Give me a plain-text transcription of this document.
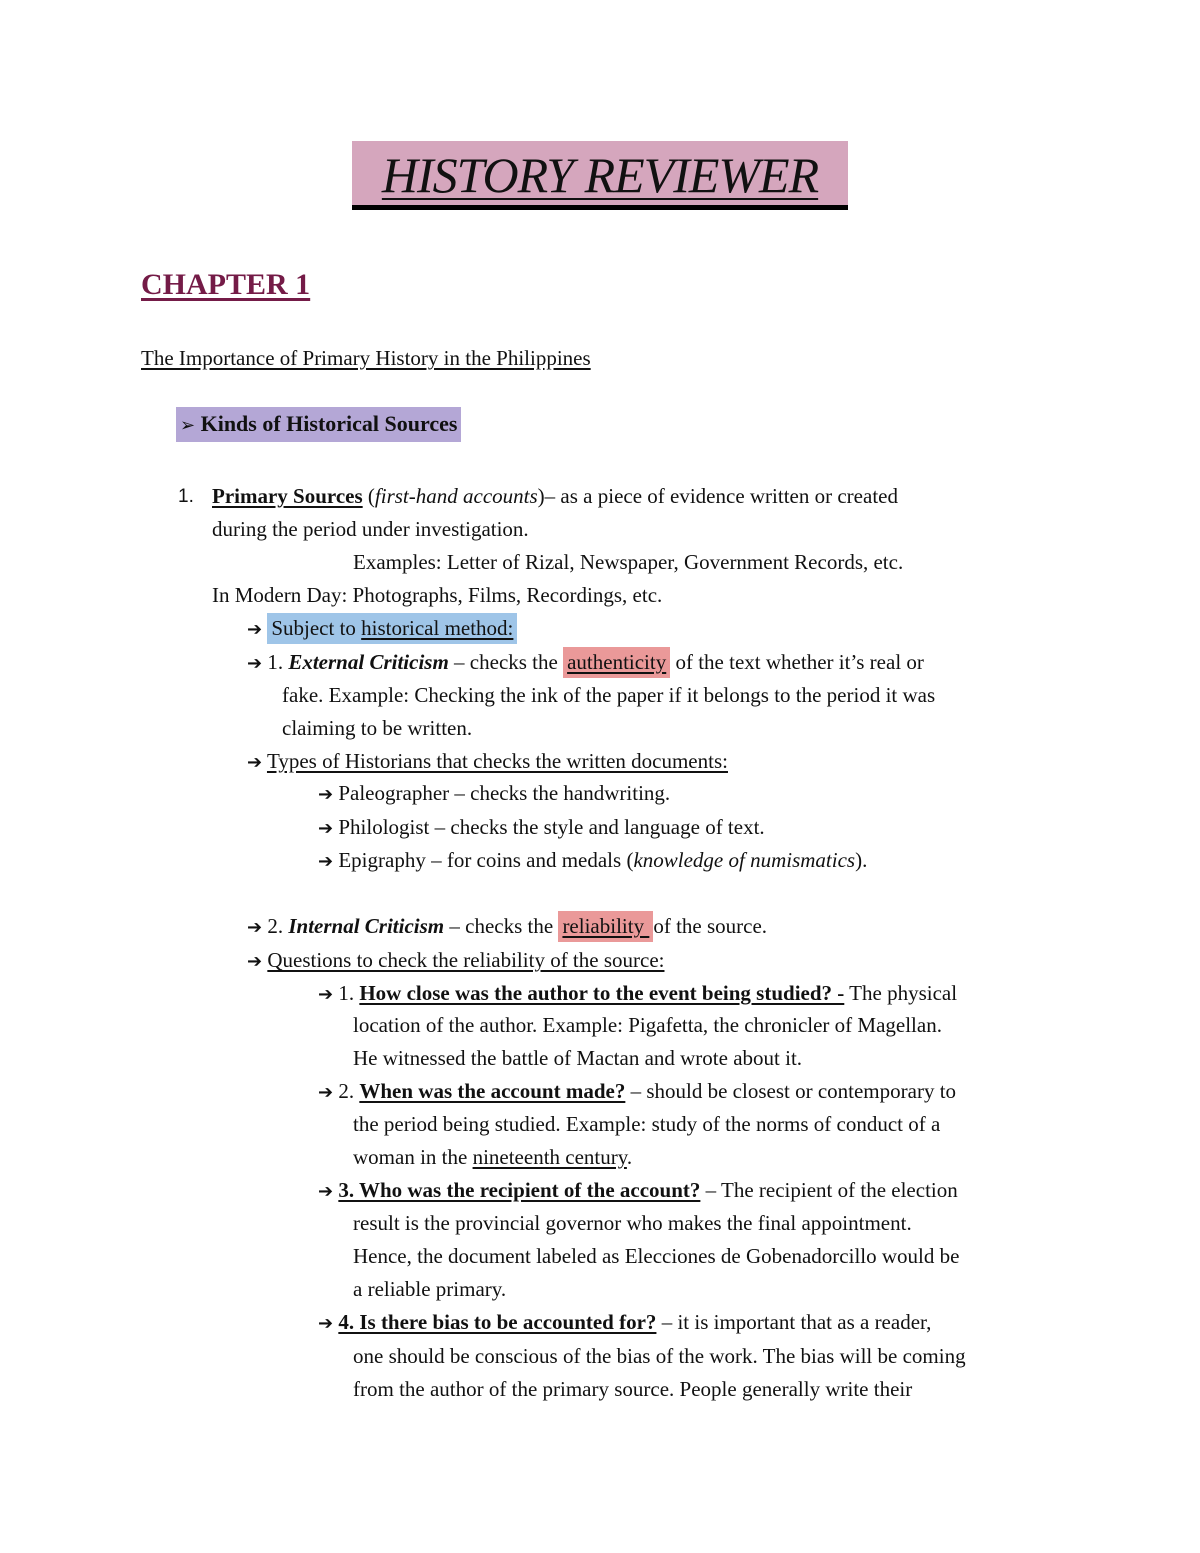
HISTORY REVIEWER
CHAPTER 1
The Importance of Primary History in the Philippines
➢ Kinds of Historical Sources
1. Primary Sources (first-hand accounts)– as a piece of evidence written or created
during the period under investigation.
Examples: Letter of Rizal, Newspaper, Government Records, etc.
In Modern Day: Photographs, Films, Recordings, etc.
➔ Subject to historical method:
➔ 1. External Criticism – checks the authenticity of the text whether it’s real or
fake. Example: Checking the ink of the paper if it belongs to the period it was
claiming to be written.
➔ Types of Historians that checks the written documents:
➔ Paleographer – checks the handwriting.
➔ Philologist – checks the style and language of text.
➔ Epigraphy – for coins and medals (knowledge of numismatics).
➔ 2. Internal Criticism – checks the reliability of the source.
➔ Questions to check the reliability of the source:
➔ 1. How close was the author to the event being studied? - The physical
location of the author. Example: Pigafetta, the chronicler of Magellan.
He witnessed the battle of Mactan and wrote about it.
➔ 2. When was the account made? – should be closest or contemporary to
the period being studied. Example: study of the norms of conduct of a
woman in the nineteenth century.
➔ 3. Who was the recipient of the account? – The recipient of the election
result is the provincial governor who makes the final appointment.
Hence, the document labeled as Elecciones de Gobenadorcillo would be
a reliable primary.
➔ 4. Is there bias to be accounted for? – it is important that as a reader,
one should be conscious of the bias of the work. The bias will be coming
from the author of the primary source. People generally write their
